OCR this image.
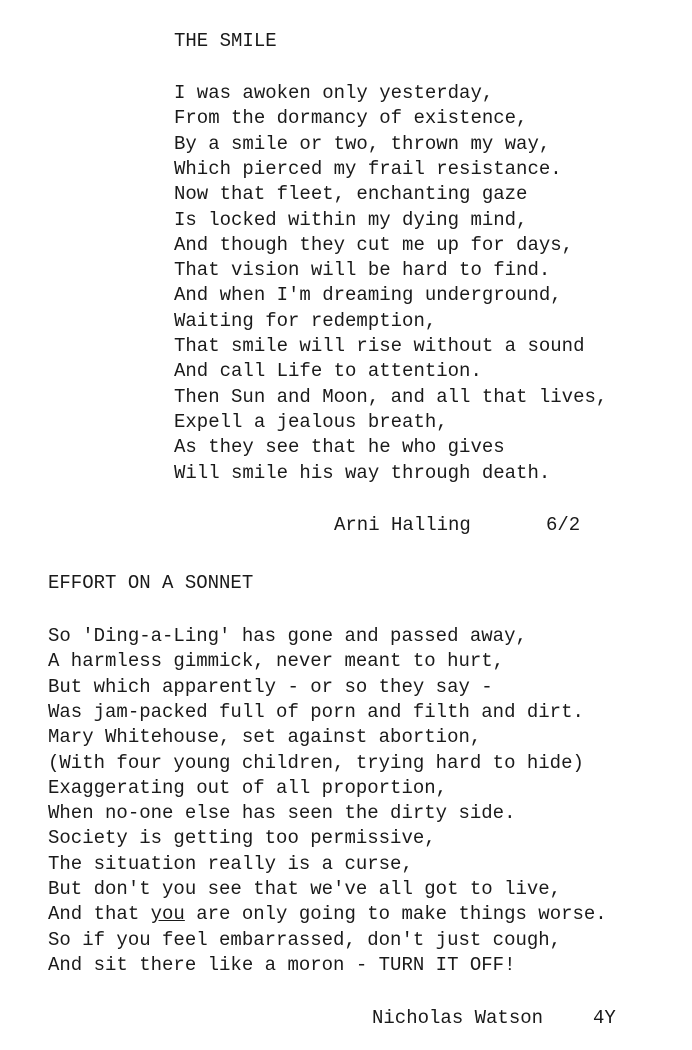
THE SMILE
I was awoken only yesterday,
From the dormancy of existence,
By a smile or two, thrown my way,
Which pierced my frail resistance.
Now that fleet, enchanting gaze
Is locked within my dying mind,
And though they cut me up for days,
That vision will be hard to find.
And when I'm dreaming underground,
Waiting for redemption,
That smile will rise without a sound
And call Life to attention.
Then Sun and Moon, and all that lives,
Expell a jealous breath,
As they see that he who gives
Will smile his way through death.
Arni Halling	6/2
EFFORT ON A SONNET
So 'Ding-a-Ling' has gone and passed away,
A harmless gimmick, never meant to hurt,
But which apparently - or so they say -
Was jam-packed full of porn and filth and dirt.
Mary Whitehouse, set against abortion,
(With four young children, trying hard to hide)
Exaggerating out of all proportion,
When no-one else has seen the dirty side.
Society is getting too permissive,
The situation really is a curse,
But don't you see that we've all got to live,
And that you are only going to make things worse.
So if you feel embarrassed, don't just cough,
And sit there like a moron - TURN IT OFF!
Nicholas Watson	4Y
